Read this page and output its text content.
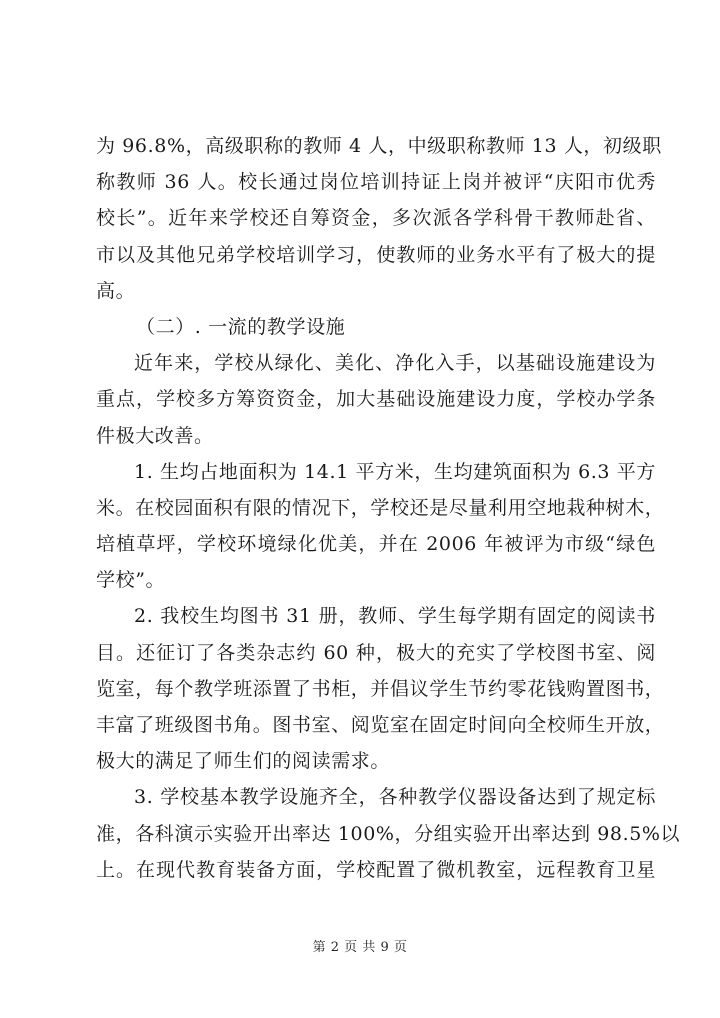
为 96.8%，高级职称的教师 4 人，中级职称教师 13 人，初级职
称教师 36 人。校长通过岗位培训持证上岗并被评“庆阳市优秀
校长”。近年来学校还自筹资金，多次派各学科骨干教师赴省、
市以及其他兄弟学校培训学习，使教师的业务水平有了极大的提
高。
（二）. 一流的教学设施
近年来，学校从绿化、美化、净化入手，以基础设施建设为
重点，学校多方筹资资金，加大基础设施建设力度，学校办学条
件极大改善。
1. 生均占地面积为 14.1 平方米，生均建筑面积为 6.3 平方
米。在校园面积有限的情况下，学校还是尽量利用空地栽种树木，
培植草坪，学校环境绿化优美，并在 2006 年被评为市级“绿色
学校”。
2. 我校生均图书 31 册，教师、学生每学期有固定的阅读书
目。还征订了各类杂志约 60 种，极大的充实了学校图书室、阅
览室，每个教学班添置了书柜，并倡议学生节约零花钱购置图书，
丰富了班级图书角。图书室、阅览室在固定时间向全校师生开放，
极大的满足了师生们的阅读需求。
3. 学校基本教学设施齐全，各种教学仪器设备达到了规定标
准，各科演示实验开出率达 100%，分组实验开出率达到 98.5%以
上。在现代教育装备方面，学校配置了微机教室，远程教育卫星
第 2 页 共 9 页
